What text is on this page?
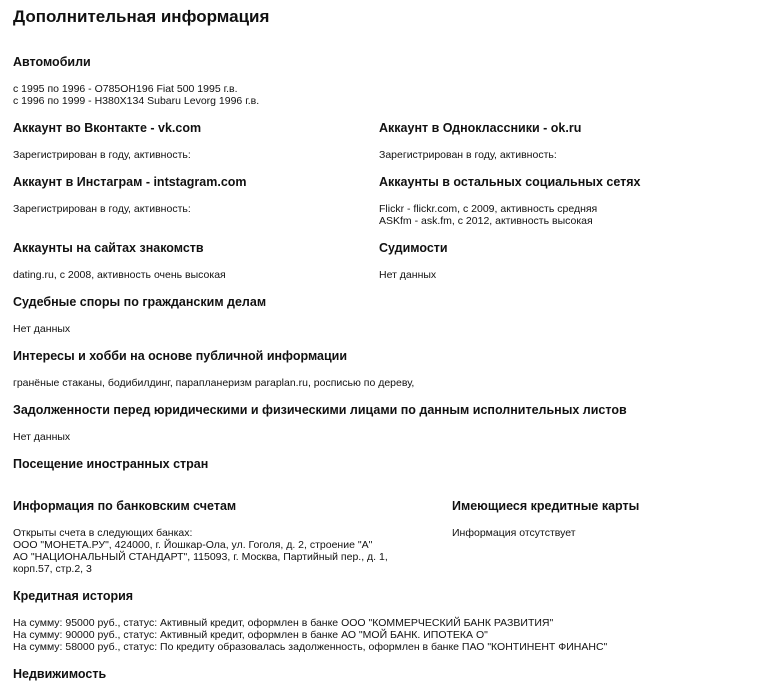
Дополнительная информация
Автомобили
с 1995 по 1996 - О785ОН196 Fiat 500 1995 г.в.
с 1996 по 1999 - Н380Х134 Subaru Levorg 1996 г.в.
Аккаунт во Вконтакте - vk.com
Зарегистрирован в году, активность:
Аккаунт в Одноклассники - ok.ru
Зарегистрирован в году, активность:
Аккаунт в Инстаграм - intstagram.com
Зарегистрирован в году, активность:
Аккаунты в остальных социальных сетях
Flickr - flickr.com, с 2009, активность средняя
ASKfm - ask.fm, с 2012, активность высокая
Аккаунты на сайтах знакомств
dating.ru, с 2008, активность очень высокая
Судимости
Нет данных
Судебные споры по гражданским делам
Нет данных
Интересы и хобби на основе публичной информации
гранёные стаканы, бодибилдинг, парапланеризм paraplan.ru, росписью по дереву,
Задолженности перед юридическими и физическими лицами по данным исполнительных листов
Нет данных
Посещение иностранных стран
Информация по банковским счетам
Открыты счета в следующих банках:
ООО "МОНЕТА.РУ", 424000, г. Йошкар-Ола, ул. Гоголя, д. 2, строение "А"
АО "НАЦИОНАЛЬНЫЙ СТАНДАРТ", 115093, г. Москва, Партийный пер., д. 1,
корп.57, стр.2, 3
Имеющиеся кредитные карты
Информация отсутствует
Кредитная история
На сумму: 95000 руб., статус: Активный кредит, оформлен в банке ООО "КОММЕРЧЕСКИЙ БАНК РАЗВИТИЯ"
На сумму: 90000 руб., статус: Активный кредит, оформлен в банке АО "МОЙ БАНК. ИПОТЕКА О"
На сумму: 58000 руб., статус: По кредиту образовалась задолженность, оформлен в банке ПАО "КОНТИНЕНТ ФИНАНС"
Недвижимость
